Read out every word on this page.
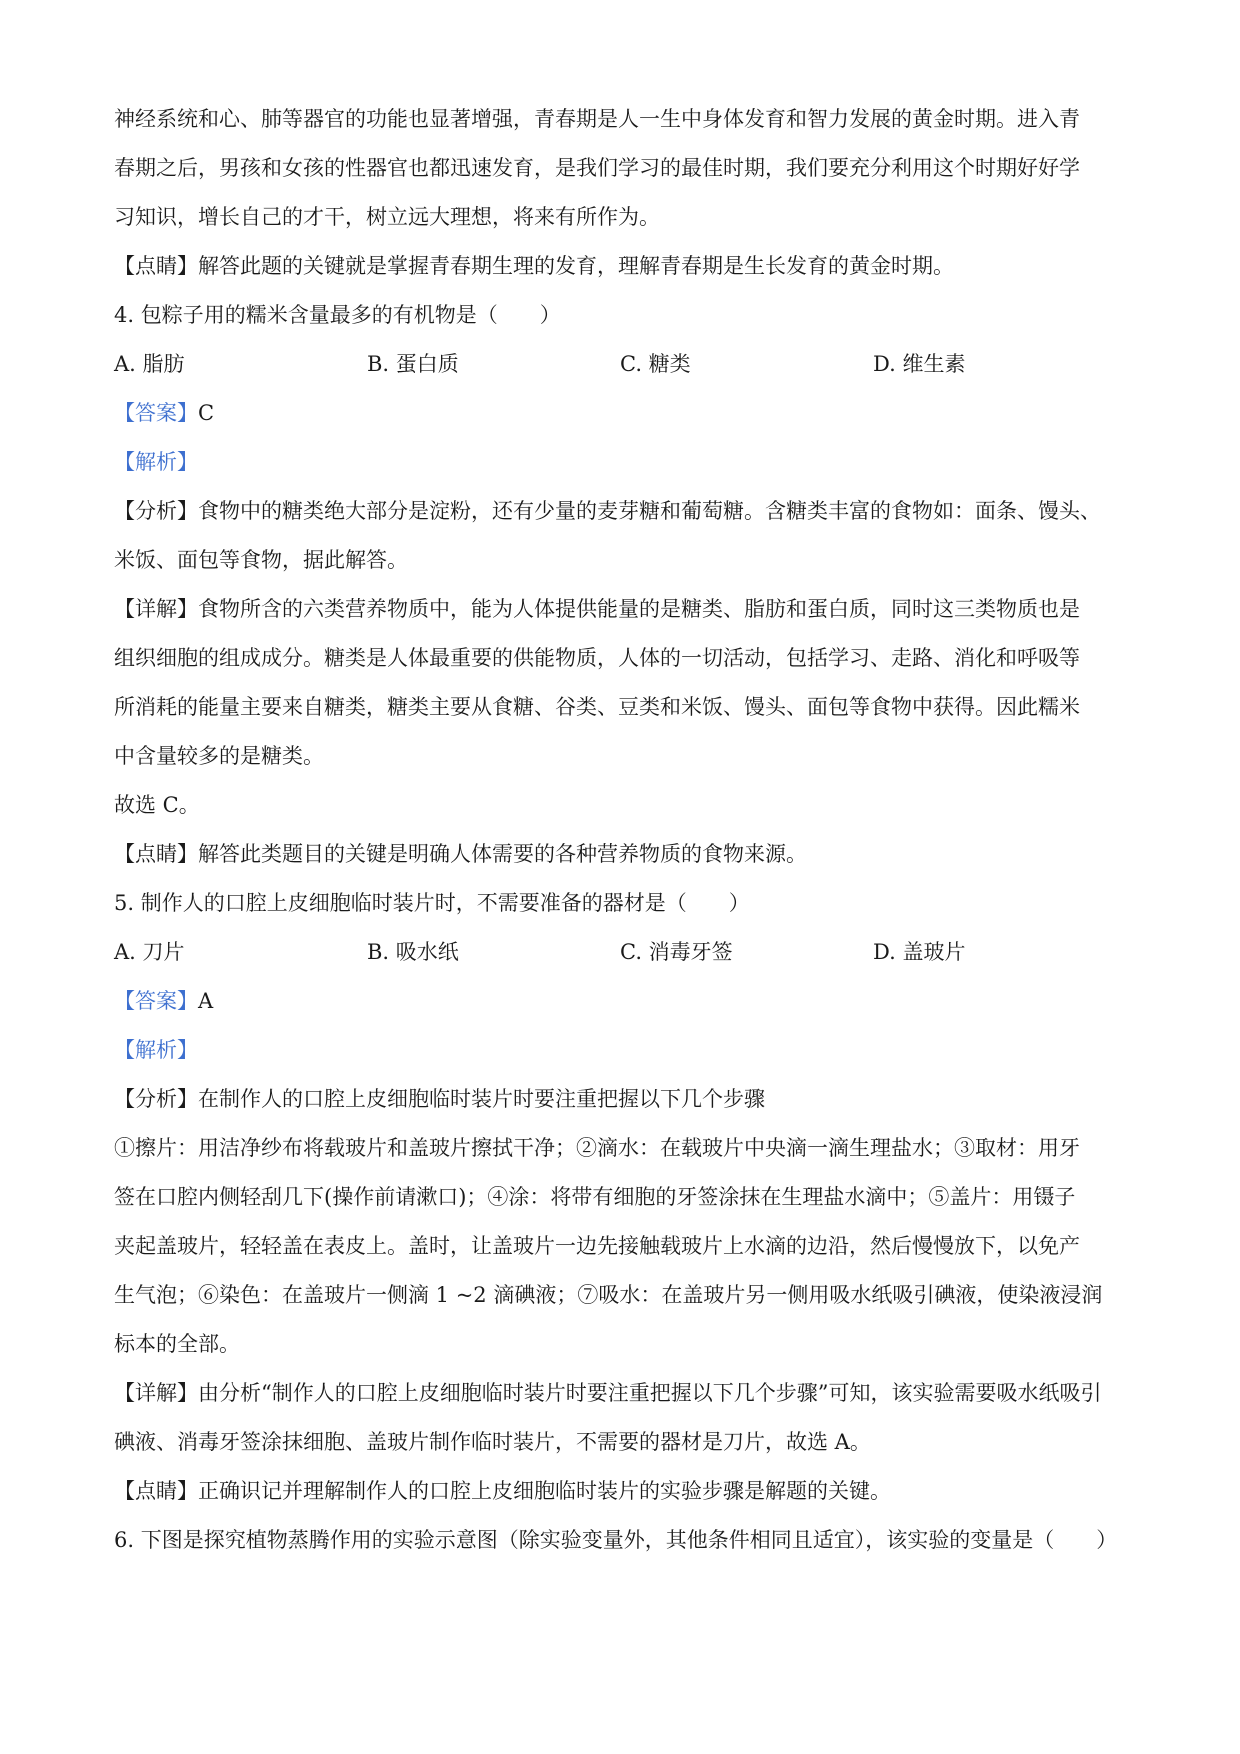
神经系统和心、肺等器官的功能也显著增强，青春期是人一生中身体发育和智力发展的黄金时期。进入青
春期之后，男孩和女孩的性器官也都迅速发育，是我们学习的最佳时期，我们要充分利用这个时期好好学
习知识，增长自己的才干，树立远大理想，将来有所作为。
【点睛】解答此题的关键就是掌握青春期生理的发育，理解青春期是生长发育的黄金时期。
4. 包粽子用的糯米含量最多的有机物是（　　）
A. 脂肪	B. 蛋白质	C. 糖类	D. 维生素
【答案】C
【解析】
【分析】食物中的糖类绝大部分是淀粉，还有少量的麦芽糖和葡萄糖。含糖类丰富的食物如：面条、馒头、
米饭、面包等食物，据此解答。
【详解】食物所含的六类营养物质中，能为人体提供能量的是糖类、脂肪和蛋白质，同时这三类物质也是
组织细胞的组成成分。糖类是人体最重要的供能物质，人体的一切活动，包括学习、走路、消化和呼吸等
所消耗的能量主要来自糖类，糖类主要从食糖、谷类、豆类和米饭、馒头、面包等食物中获得。因此糯米
中含量较多的是糖类。
故选 C。
【点睛】解答此类题目的关键是明确人体需要的各种营养物质的食物来源。
5. 制作人的口腔上皮细胞临时装片时，不需要准备的器材是（　　）
A. 刀片	B. 吸水纸	C. 消毒牙签	D. 盖玻片
【答案】A
【解析】
【分析】在制作人的口腔上皮细胞临时装片时要注重把握以下几个步骤
①擦片：用洁净纱布将载玻片和盖玻片擦拭干净；②滴水：在载玻片中央滴一滴生理盐水；③取材：用牙
签在口腔内侧轻刮几下(操作前请漱口)；④涂：将带有细胞的牙签涂抹在生理盐水滴中；⑤盖片：用镊子
夹起盖玻片，轻轻盖在表皮上。盖时，让盖玻片一边先接触载玻片上水滴的边沿，然后慢慢放下，以免产
生气泡；⑥染色：在盖玻片一侧滴 1 ~2 滴碘液；⑦吸水：在盖玻片另一侧用吸水纸吸引碘液，使染液浸润
标本的全部。
【详解】由分析“制作人的口腔上皮细胞临时装片时要注重把握以下几个步骤”可知，该实验需要吸水纸吸引
碘液、消毒牙签涂抹细胞、盖玻片制作临时装片，不需要的器材是刀片，故选 A。
【点睛】正确识记并理解制作人的口腔上皮细胞临时装片的实验步骤是解题的关键。
6. 下图是探究植物蒸腾作用的实验示意图（除实验变量外，其他条件相同且适宜），该实验的变量是（　　）
